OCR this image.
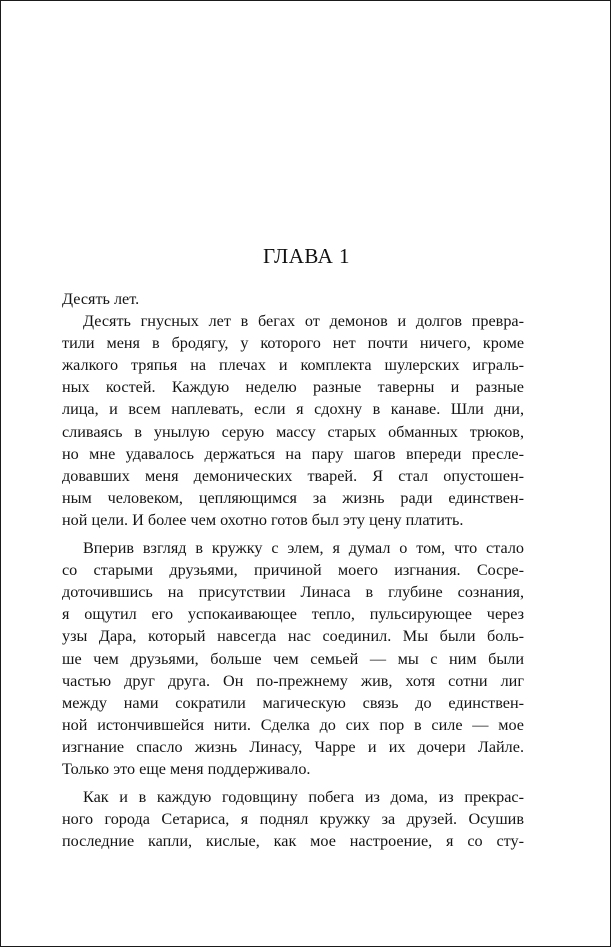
ГЛАВА 1
Десять лет.
Десять гнусных лет в бегах от демонов и долгов превра-
тили меня в бродягу, у которого нет почти ничего, кроме
жалкого тряпья на плечах и комплекта шулерских играль-
ных костей. Каждую неделю разные таверны и разные
лица, и всем наплевать, если я сдохну в канаве. Шли дни,
сливаясь в унылую серую массу старых обманных трюков,
но мне удавалось держаться на пару шагов впереди пресле-
довавших меня демонических тварей. Я стал опустошен-
ным человеком, цепляющимся за жизнь ради единствен-
ной цели. И более чем охотно готов был эту цену платить.
Вперив взгляд в кружку с элем, я думал о том, что стало
со старыми друзьями, причиной моего изгнания. Сосре-
доточившись на присутствии Линаса в глубине сознания,
я ощутил его успокаивающее тепло, пульсирующее через
узы Дара, который навсегда нас соединил. Мы были боль-
ше чем друзьями, больше чем семьей — мы с ним были
частью друг друга. Он по-прежнему жив, хотя сотни лиг
между нами сократили магическую связь до единствен-
ной истончившейся нити. Сделка до сих пор в силе — мое
изгнание спасло жизнь Линасу, Чарре и их дочери Лайле.
Только это еще меня поддерживало.
Как и в каждую годовщину побега из дома, из прекрас-
ного города Сетариса, я поднял кружку за друзей. Осушив
последние капли, кислые, как мое настроение, я со сту-
